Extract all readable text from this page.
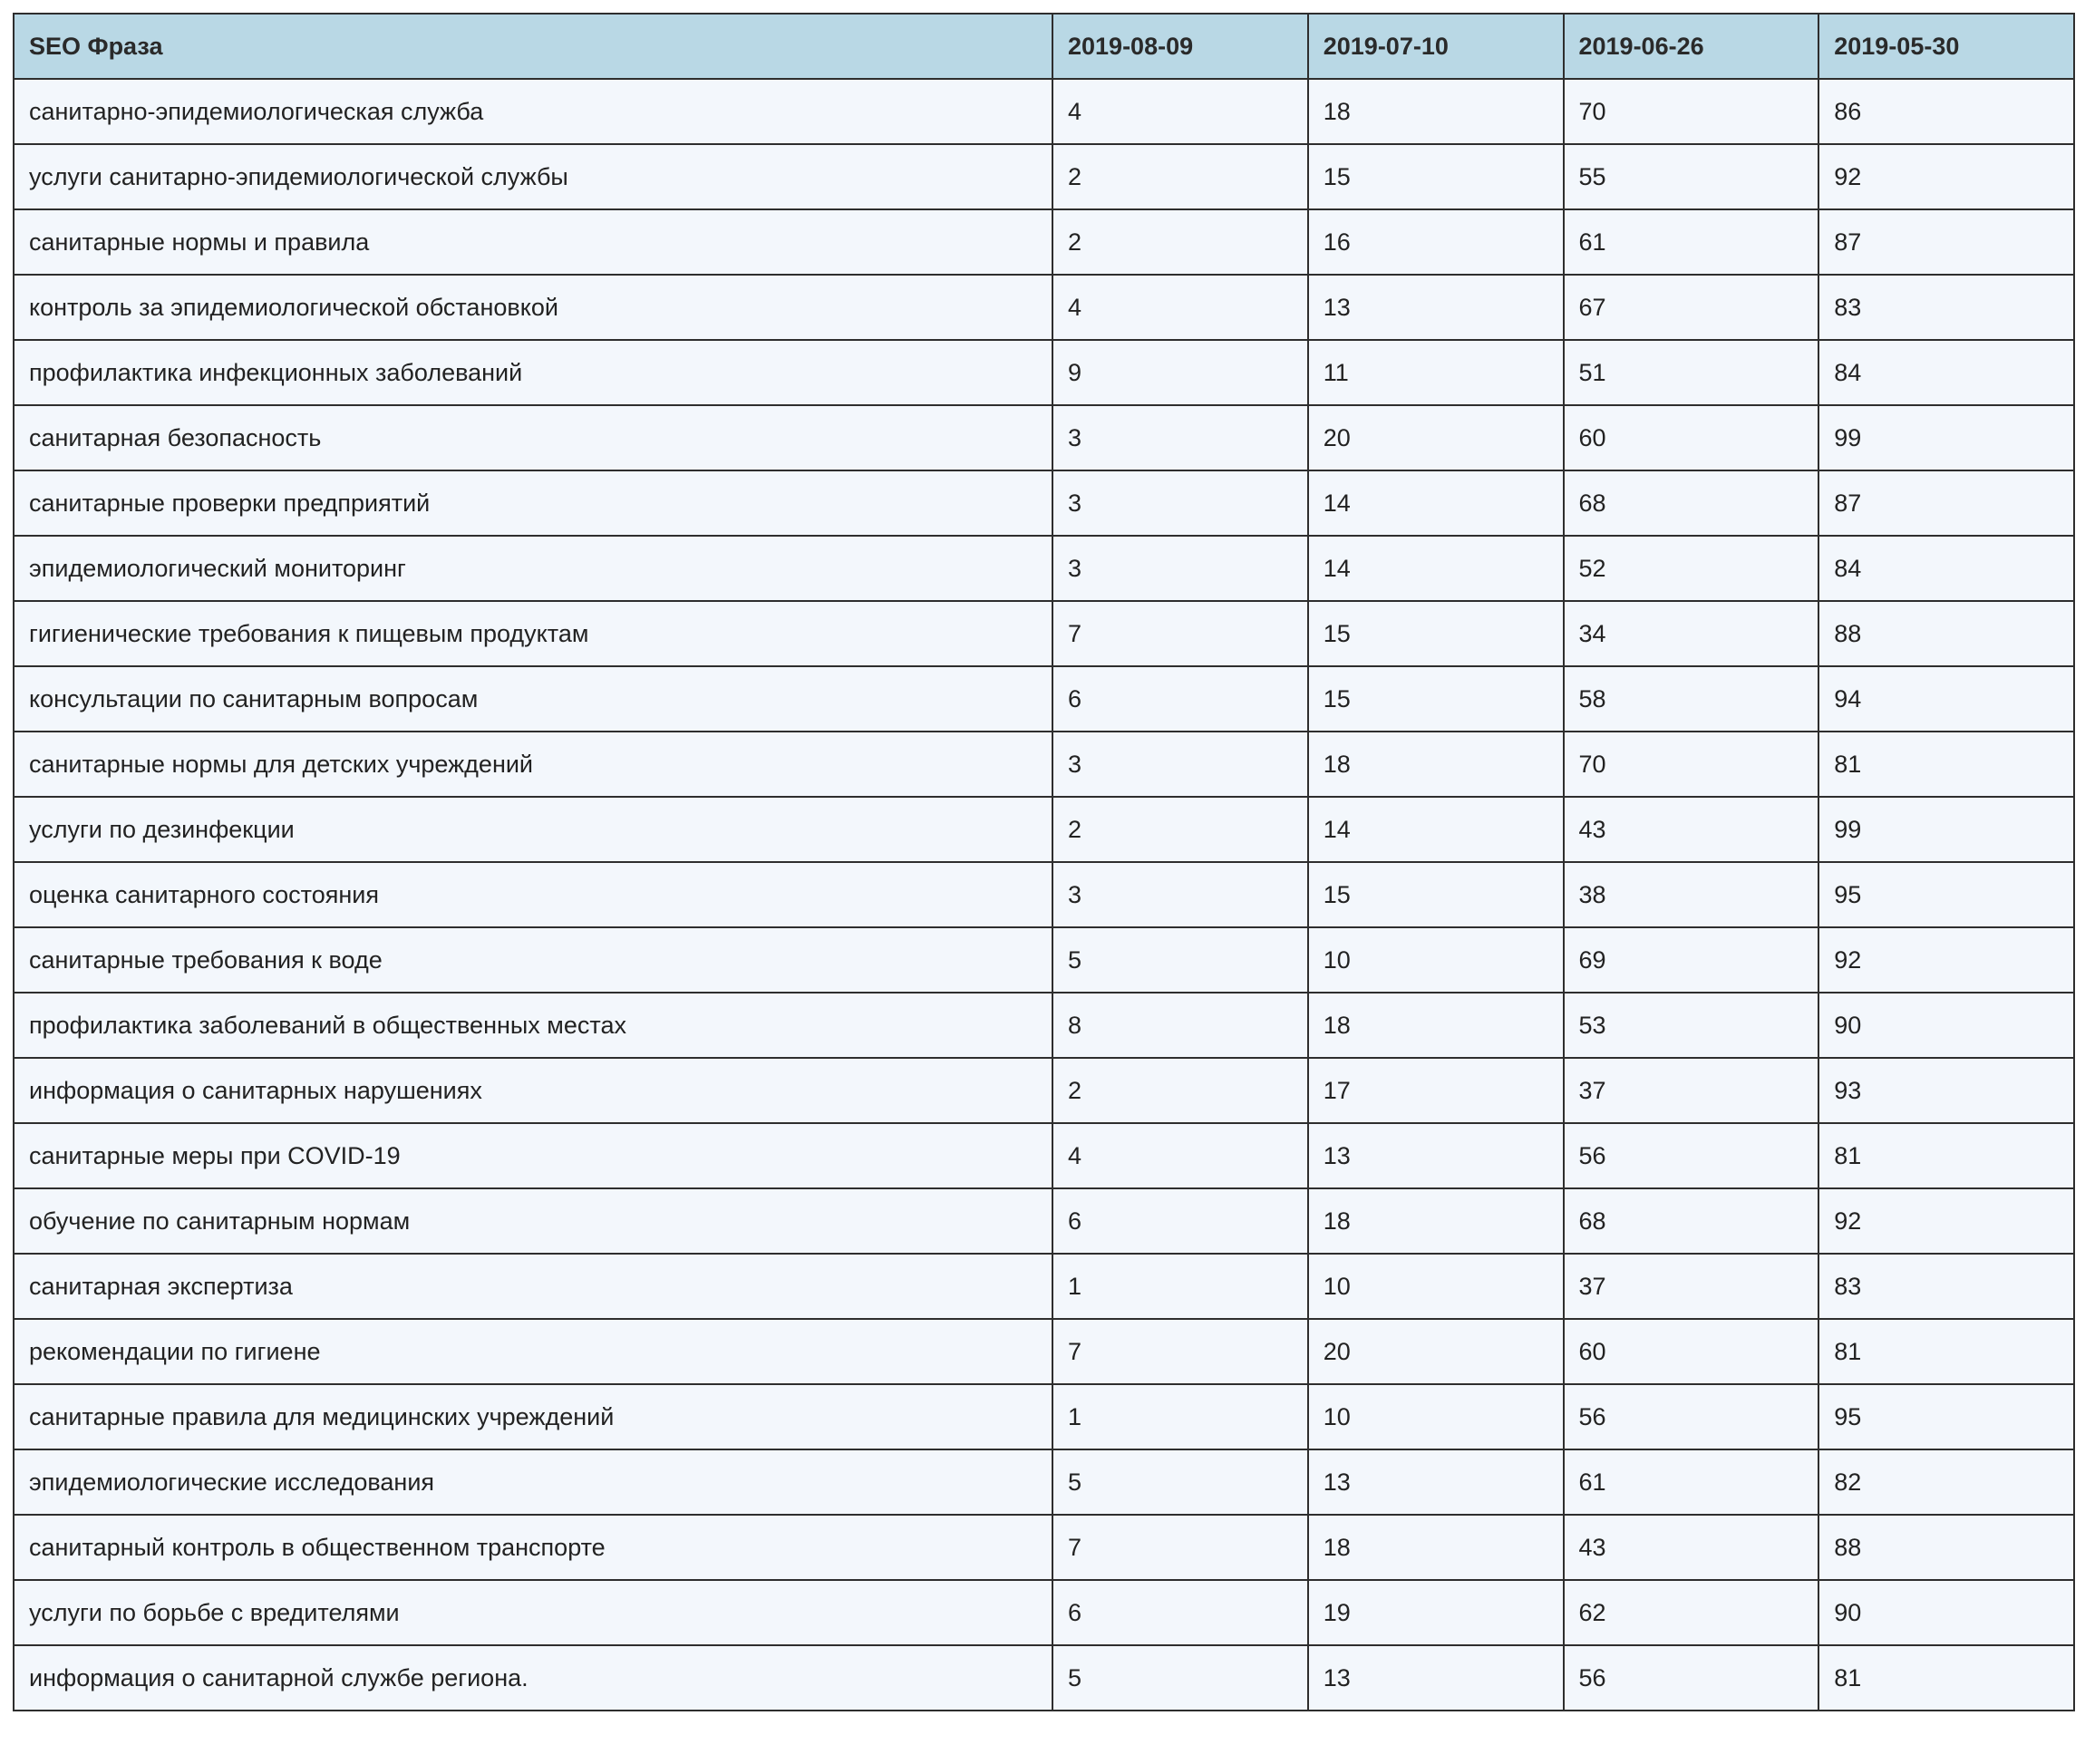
SEO Фраза	2019-08-09	2019-07-10	2019-06-26	2019-05-30
санитарно-эпидемиологическая служба	4	18	70	86
услуги санитарно-эпидемиологической службы	2	15	55	92
санитарные нормы и правила	2	16	61	87
контроль за эпидемиологической обстановкой	4	13	67	83
профилактика инфекционных заболеваний	9	11	51	84
санитарная безопасность	3	20	60	99
санитарные проверки предприятий	3	14	68	87
эпидемиологический мониторинг	3	14	52	84
гигиенические требования к пищевым продуктам	7	15	34	88
консультации по санитарным вопросам	6	15	58	94
санитарные нормы для детских учреждений	3	18	70	81
услуги по дезинфекции	2	14	43	99
оценка санитарного состояния	3	15	38	95
санитарные требования к воде	5	10	69	92
профилактика заболеваний в общественных местах	8	18	53	90
информация о санитарных нарушениях	2	17	37	93
санитарные меры при COVID-19	4	13	56	81
обучение по санитарным нормам	6	18	68	92
санитарная экспертиза	1	10	37	83
рекомендации по гигиене	7	20	60	81
санитарные правила для медицинских учреждений	1	10	56	95
эпидемиологические исследования	5	13	61	82
санитарный контроль в общественном транспорте	7	18	43	88
услуги по борьбе с вредителями	6	19	62	90
информация о санитарной службе региона.	5	13	56	81
